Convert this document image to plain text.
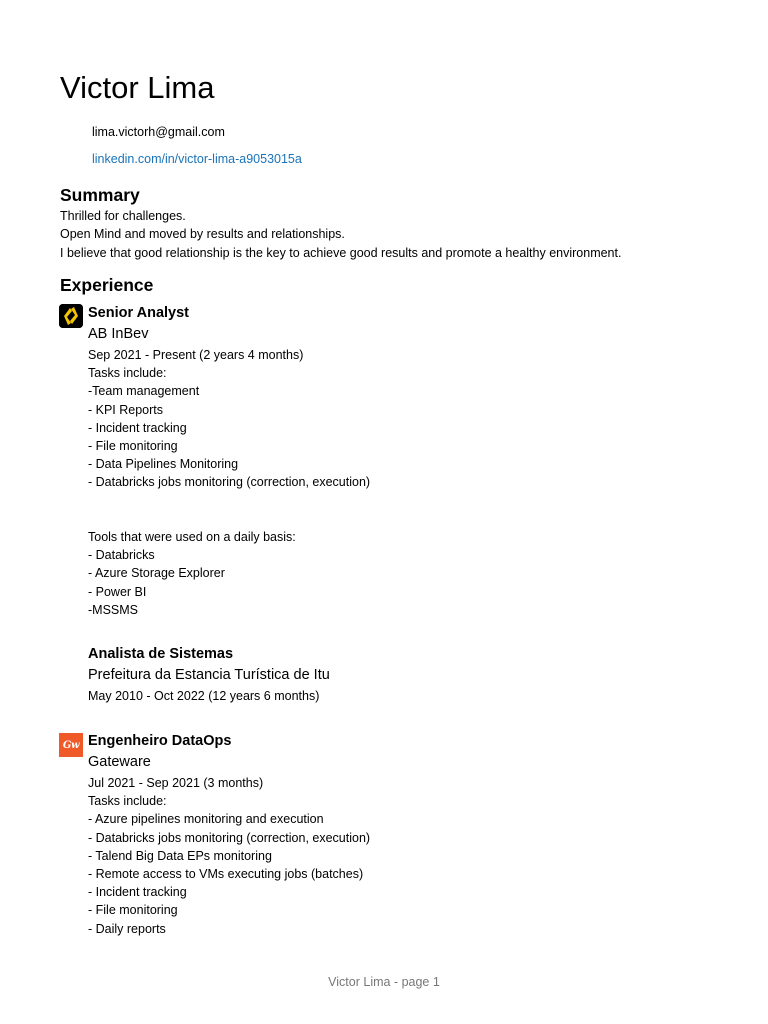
Victor Lima
lima.victorh@gmail.com
linkedin.com/in/victor-lima-a9053015a
Summary
Thrilled for challenges.
Open Mind and moved by results and relationships.
I believe that good relationship is the key to achieve good results and promote a healthy environment.
Experience
Senior Analyst
AB InBev
Sep 2021 - Present (2 years 4 months)
Tasks include:
-Team management
- KPI Reports
- Incident tracking
- File monitoring
- Data Pipelines Monitoring
- Databricks jobs monitoring (correction, execution)
Tools that were used on a daily basis:
- Databricks
- Azure Storage Explorer
- Power BI
-MSSMS
Analista de Sistemas
Prefeitura da Estancia Turística de Itu
May 2010 - Oct 2022 (12 years 6 months)
Gw Engenheiro DataOps
Gateware
Jul 2021 - Sep 2021 (3 months)
Tasks include:
- Azure pipelines monitoring and execution
- Databricks jobs monitoring (correction, execution)
- Talend Big Data EPs monitoring
- Remote access to VMs executing jobs (batches)
- Incident tracking
- File monitoring
- Daily reports
Victor Lima - page 1
